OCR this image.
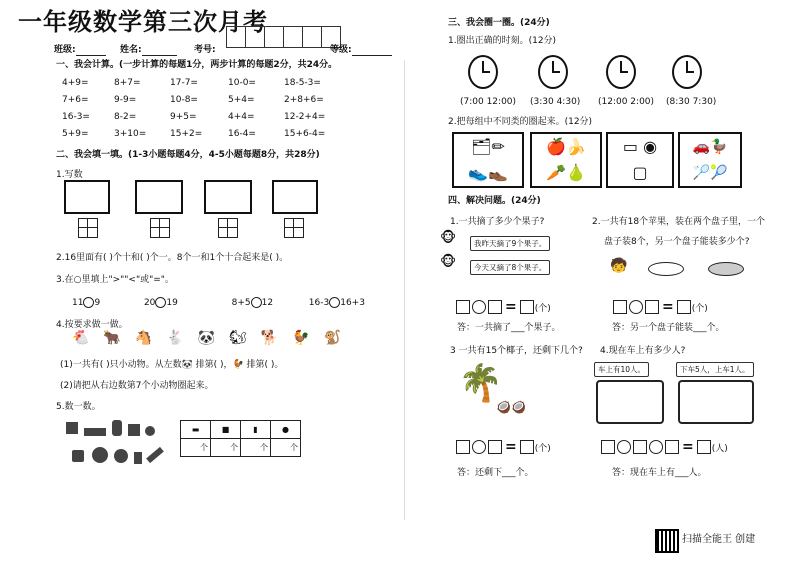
一年级数学第三次月考
班级:	姓名:	考号:	等级:
一、我会计算。(一步计算的每题1分，两步计算的每题2分，共24分。
4+9=	8+7=	17-7=	10-0=	18-5-3=
7+6=	9-9=	10-8=	5+4=	2+8+6=
16-3=	8-2=	9+5=	4+4=	12-2+4=
5+9=	3+10=	15+2=	16-4=	15+6-4=
二、我会填一填。(1-3小题每题4分，4-5小题每题8分，共28分)
1.写数
2.16里面有( )个十和( )个一。8个一和1个十合起来是( )。
3.在○里填上">""<"或"="。
11 9	20 19	8+5 12	16-3 16+3
4.按要求做一做。
🐔🐂🐴🐇🐼🐿🐕🐓🐒
(1)一共有( )只小动物。从左数🐼 排第( )，🐓 排第( )。
(2)请把从右边数第7个小动物圈起来。
5.数一数。
▬	■	▮	●
个	个	个	个
三、我会圈一圈。(24分)
1.圈出正确的时刻。(12分)
(7:00 12:00) (3:30 4:30) (12:00 2:00) (8:30 7:30)
2.把每组中不同类的圈起来。(12分)
🗂✏
👟👞
🍎🍌
🥕🍐
▭ ◉
▢
🚗🦆
🏸🎾
四、解决问题。(24分)
1.一共摘了多少个果子?
🐵	我昨天摘了9个果子。
🐵	今天又摘了8个果子。
= (个)
答：一共摘了___个果子。
2.一共有18个苹果，装在两个盘子里，一个
盘子装8个，另一个盘子能装多少个?
🧒
= (个)
答：另一个盘子能装___个。
3 一共有15个椰子，还剩下几个?
🌴
🥥🥥
= (个)
答：还剩下___个。
4.现在车上有多少人?
车上有10人。	下车5人，上车1人。
= (人)
答：现在车上有___人。
扫描全能王 创建
